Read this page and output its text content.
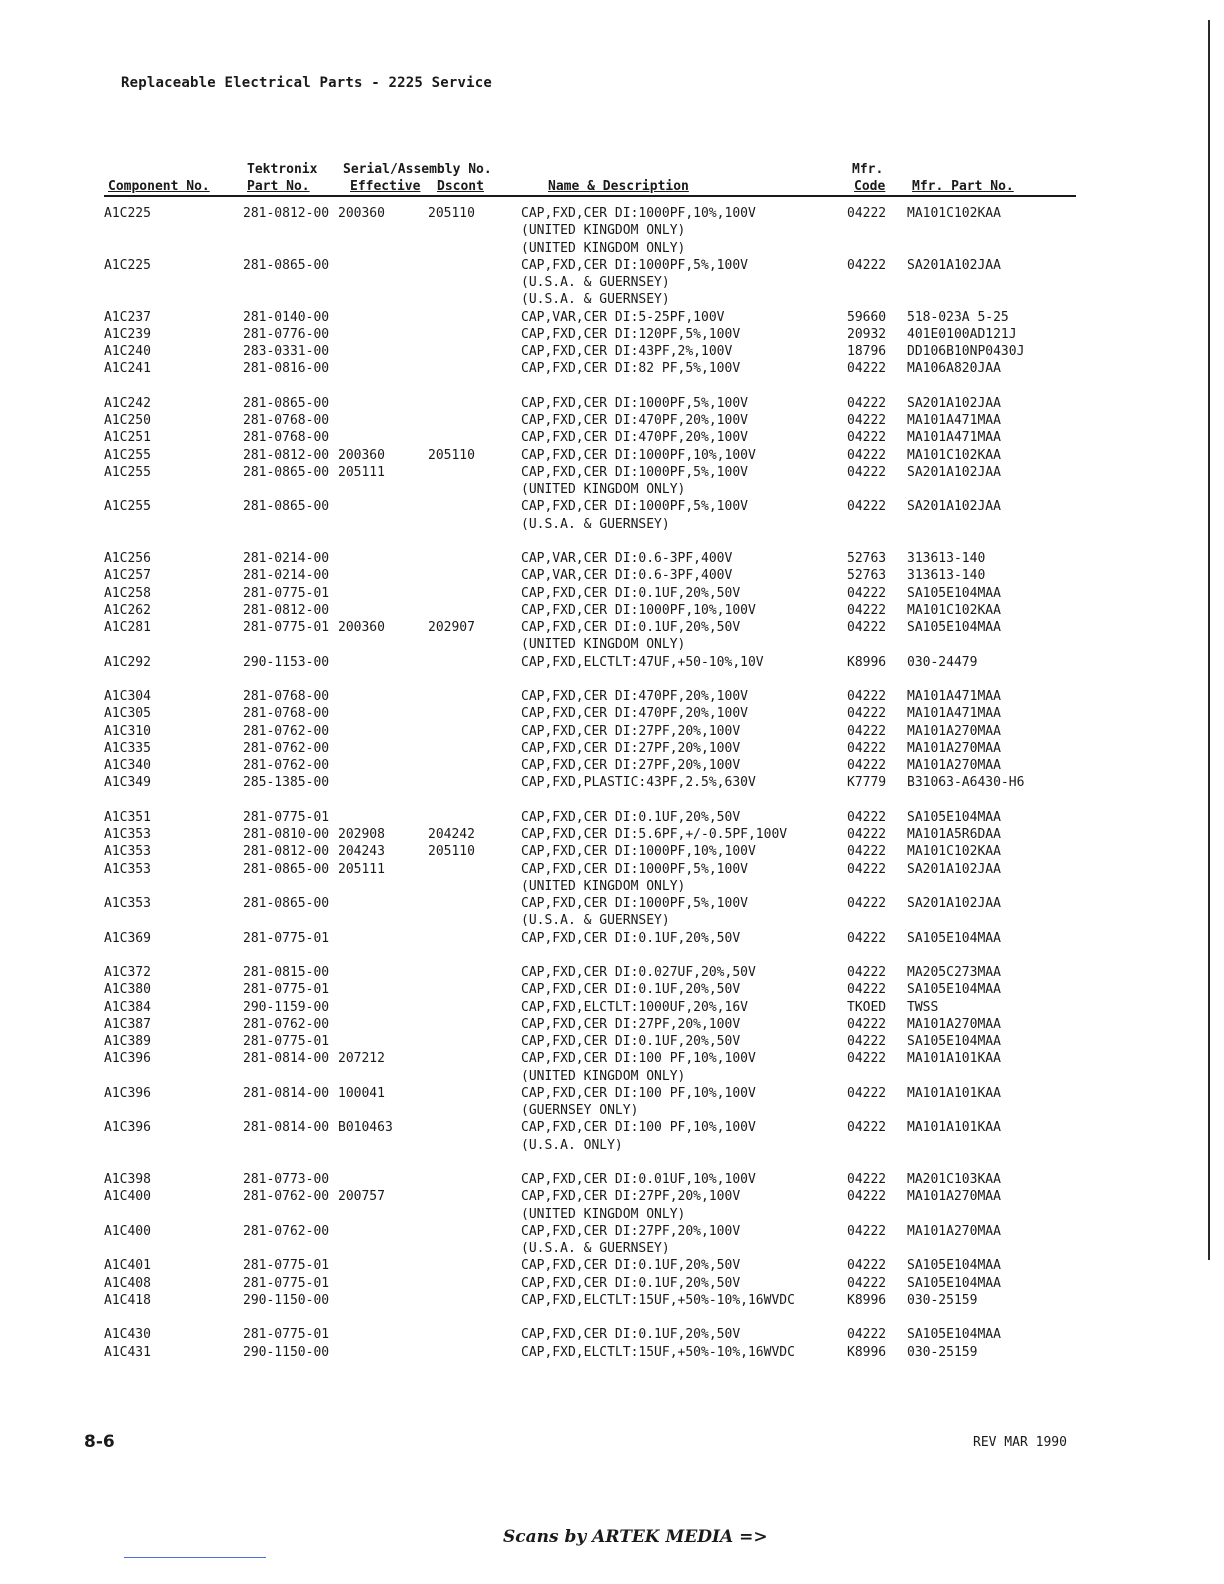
Replaceable Electrical Parts - 2225 Service
Tektronix Serial/Assembly No.	Mfr.
Component No.	Part No.	Effective Dscont	Name & Description	Code Mfr. Part No.
A1C225	281-0812-00 200360	205110	CAP,FXD,CER DI:1000PF,10%,100V	04222 MA101C102KAA
(UNITED KINGDOM ONLY)
(UNITED KINGDOM ONLY)
A1C225	281-0865-00	CAP,FXD,CER DI:1000PF,5%,100V	04222 SA201A102JAA
(U.S.A. & GUERNSEY)
(U.S.A. & GUERNSEY)
A1C237	281-0140-00	CAP,VAR,CER DI:5-25PF,100V	59660 518-023A 5-25
A1C239	281-0776-00	CAP,FXD,CER DI:120PF,5%,100V	20932 401E0100AD121J
A1C240	283-0331-00	CAP,FXD,CER DI:43PF,2%,100V	18796 DD106B10NP0430J
A1C241	281-0816-00	CAP,FXD,CER DI:82 PF,5%,100V	04222 MA106A820JAA
A1C242	281-0865-00	CAP,FXD,CER DI:1000PF,5%,100V	04222 SA201A102JAA
A1C250	281-0768-00	CAP,FXD,CER DI:470PF,20%,100V	04222 MA101A471MAA
A1C251	281-0768-00	CAP,FXD,CER DI:470PF,20%,100V	04222 MA101A471MAA
A1C255	281-0812-00 200360	205110	CAP,FXD,CER DI:1000PF,10%,100V	04222 MA101C102KAA
A1C255	281-0865-00 205111	CAP,FXD,CER DI:1000PF,5%,100V	04222 SA201A102JAA
(UNITED KINGDOM ONLY)
A1C255	281-0865-00	CAP,FXD,CER DI:1000PF,5%,100V	04222 SA201A102JAA
(U.S.A. & GUERNSEY)
A1C256	281-0214-00	CAP,VAR,CER DI:0.6-3PF,400V	52763 313613-140
A1C257	281-0214-00	CAP,VAR,CER DI:0.6-3PF,400V	52763 313613-140
A1C258	281-0775-01	CAP,FXD,CER DI:0.1UF,20%,50V	04222 SA105E104MAA
A1C262	281-0812-00	CAP,FXD,CER DI:1000PF,10%,100V	04222 MA101C102KAA
A1C281	281-0775-01 200360	202907	CAP,FXD,CER DI:0.1UF,20%,50V	04222 SA105E104MAA
(UNITED KINGDOM ONLY)
A1C292	290-1153-00	CAP,FXD,ELCTLT:47UF,+50-10%,10V	K8996 030-24479
A1C304	281-0768-00	CAP,FXD,CER DI:470PF,20%,100V	04222 MA101A471MAA
A1C305	281-0768-00	CAP,FXD,CER DI:470PF,20%,100V	04222 MA101A471MAA
A1C310	281-0762-00	CAP,FXD,CER DI:27PF,20%,100V	04222 MA101A270MAA
A1C335	281-0762-00	CAP,FXD,CER DI:27PF,20%,100V	04222 MA101A270MAA
A1C340	281-0762-00	CAP,FXD,CER DI:27PF,20%,100V	04222 MA101A270MAA
A1C349	285-1385-00	CAP,FXD,PLASTIC:43PF,2.5%,630V	K7779 B31063-A6430-H6
A1C351	281-0775-01	CAP,FXD,CER DI:0.1UF,20%,50V	04222 SA105E104MAA
A1C353	281-0810-00 202908	204242	CAP,FXD,CER DI:5.6PF,+/-0.5PF,100V	04222 MA101A5R6DAA
A1C353	281-0812-00 204243	205110	CAP,FXD,CER DI:1000PF,10%,100V	04222 MA101C102KAA
A1C353	281-0865-00 205111	CAP,FXD,CER DI:1000PF,5%,100V	04222 SA201A102JAA
(UNITED KINGDOM ONLY)
A1C353	281-0865-00	CAP,FXD,CER DI:1000PF,5%,100V	04222 SA201A102JAA
(U.S.A. & GUERNSEY)
A1C369	281-0775-01	CAP,FXD,CER DI:0.1UF,20%,50V	04222 SA105E104MAA
A1C372	281-0815-00	CAP,FXD,CER DI:0.027UF,20%,50V	04222 MA205C273MAA
A1C380	281-0775-01	CAP,FXD,CER DI:0.1UF,20%,50V	04222 SA105E104MAA
A1C384	290-1159-00	CAP,FXD,ELCTLT:1000UF,20%,16V	TKOED TWSS
A1C387	281-0762-00	CAP,FXD,CER DI:27PF,20%,100V	04222 MA101A270MAA
A1C389	281-0775-01	CAP,FXD,CER DI:0.1UF,20%,50V	04222 SA105E104MAA
A1C396	281-0814-00 207212	CAP,FXD,CER DI:100 PF,10%,100V	04222 MA101A101KAA
(UNITED KINGDOM ONLY)
A1C396	281-0814-00 100041	CAP,FXD,CER DI:100 PF,10%,100V	04222 MA101A101KAA
(GUERNSEY ONLY)
A1C396	281-0814-00 B010463	CAP,FXD,CER DI:100 PF,10%,100V	04222 MA101A101KAA
(U.S.A. ONLY)
A1C398	281-0773-00	CAP,FXD,CER DI:0.01UF,10%,100V	04222 MA201C103KAA
A1C400	281-0762-00 200757	CAP,FXD,CER DI:27PF,20%,100V	04222 MA101A270MAA
(UNITED KINGDOM ONLY)
A1C400	281-0762-00	CAP,FXD,CER DI:27PF,20%,100V	04222 MA101A270MAA
(U.S.A. & GUERNSEY)
A1C401	281-0775-01	CAP,FXD,CER DI:0.1UF,20%,50V	04222 SA105E104MAA
A1C408	281-0775-01	CAP,FXD,CER DI:0.1UF,20%,50V	04222 SA105E104MAA
A1C418	290-1150-00	CAP,FXD,ELCTLT:15UF,+50%-10%,16WVDC	K8996 030-25159
A1C430	281-0775-01	CAP,FXD,CER DI:0.1UF,20%,50V	04222 SA105E104MAA
A1C431	290-1150-00	CAP,FXD,ELCTLT:15UF,+50%-10%,16WVDC	K8996 030-25159
8-6	REV MAR 1990
Scans by ARTEK MEDIA =>
